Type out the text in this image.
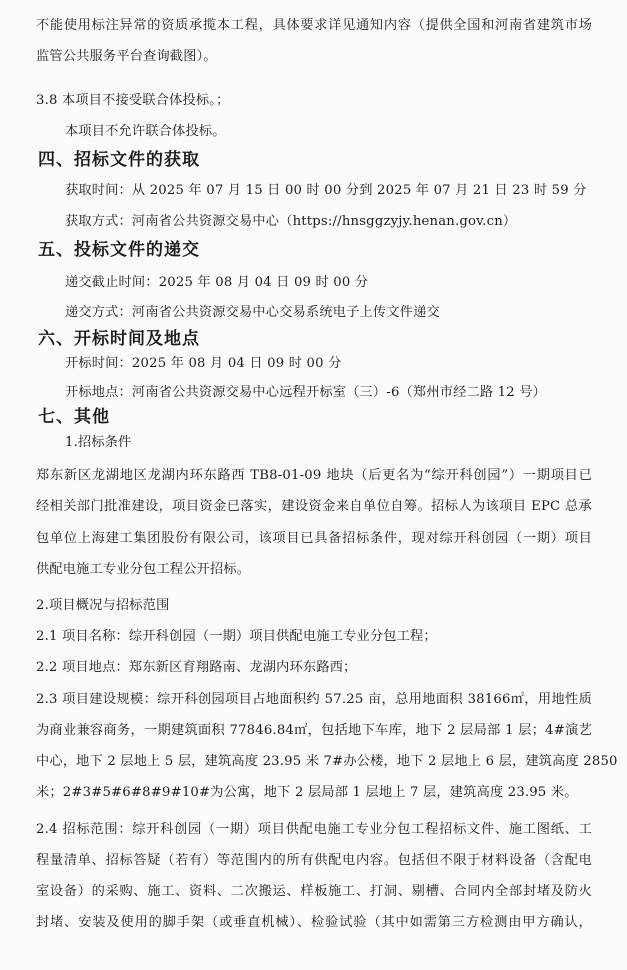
不能使用标注异常的资质承揽本工程，具体要求详见通知内容（提供全国和河南省建筑市场
监管公共服务平台查询截图）。
3.8 本项目不接受联合体投标。；
本项目不允许联合体投标。
四、招标文件的获取
获取时间：从 2025 年 07 月 15 日 00 时 00 分到 2025 年 07 月 21 日 23 时 59 分
获取方式：河南省公共资源交易中心（https://hnsggzyjy.henan.gov.cn）
五、投标文件的递交
递交截止时间：2025 年 08 月 04 日 09 时 00 分
递交方式：河南省公共资源交易中心交易系统电子上传文件递交
六、开标时间及地点
开标时间：2025 年 08 月 04 日 09 时 00 分
开标地点：河南省公共资源交易中心远程开标室（三）-6（郑州市经二路 12 号）
七、其他
1.招标条件
郑东新区龙湖地区龙湖内环东路西 TB8-01-09 地块（后更名为“综开科创园”）一期项目已
经相关部门批准建设，项目资金已落实，建设资金来自单位自筹。招标人为该项目 EPC 总承
包单位上海建工集团股份有限公司，该项目已具备招标条件，现对综开科创园（一期）项目
供配电施工专业分包工程公开招标。
2.项目概况与招标范围
2.1 项目名称：综开科创园（一期）项目供配电施工专业分包工程；
2.2 项目地点：郑东新区育翔路南、龙湖内环东路西；
2.3 项目建设规模：综开科创园项目占地面积约 57.25 亩，总用地面积 38166㎡，用地性质
为商业兼容商务，一期建筑面积 77846.84㎡，包括地下车库，地下 2 层局部 1 层；4#演艺
中心，地下 2 层地上 5 层，建筑高度 23.95 米 7#办公楼，地下 2 层地上 6 层，建筑高度 2850
米；2#3#5#6#8#9#10#为公寓，地下 2 层局部 1 层地上 7 层，建筑高度 23.95 米。
2.4 招标范围：综开科创园（一期）项目供配电施工专业分包工程招标文件、施工图纸、工
程量清单、招标答疑（若有）等范围内的所有供配电内容。包括但不限于材料设备（含配电
室设备）的采购、施工、资料、二次搬运、样板施工、打洞、剔槽、合同内全部封堵及防火
封堵、安装及使用的脚手架（或垂直机械）、检验试验（其中如需第三方检测由甲方确认，
